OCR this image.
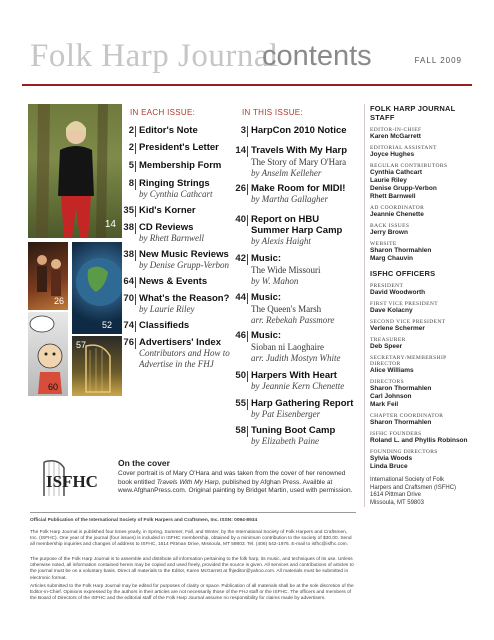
Folk Harp Journal
contents	FALL 2009
14
26
52
60
57
IN EACH ISSUE:	IN THIS ISSUE:
2 Editor's Note
2 President's Letter
5 Membership Form
8 Ringing Strings
by Cynthia Cathcart
35 Kid's Korner
38 CD Reviews
by Rhett Barnwell
38 New Music Reviews
by Denise Grupp-Verbon
64 News & Events
70 What's the Reason?
by Laurie Riley
74 Classifieds
76 Advertisers' Index
Contributors and How to
Advertise in the FHJ
3 HarpCon 2010 Notice
14 Travels With My Harp
The Story of Mary O'Hara
by Anselm Kelleher
26 Make Room for MIDI!
by Martha Gallagher
40 Report on HBU
Summer Harp Camp
by Alexis Haight
42 Music:
The Wide Missouri
by W. Mahon
44 Music:
The Queen's Marsh
arr. Rebekah Passmore
46 Music:
Sioban ni Laoghaire
arr. Judith Mostyn White
50 Harpers With Heart
by Jeannie Kern Chenette
55 Harp Gathering Report
by Pat Eisenberger
58 Tuning Boot Camp
by Elizabeth Paine
FOLK HARP JOURNAL STAFF
EDITOR-IN-CHIEF
Karen McGarrett
EDITORIAL ASSISTANT
Joyce Hughes
REGULAR CONTRIBUTORS
Cynthia Cathcart
Laurie Riley
Denise Grupp-Verbon
Rhett Barnwell
AD COORDINATOR
Jeannie Chenette
BACK ISSUES
Jerry Brown
WEBSITE
Sharon Thormahlen
Marg Chauvin
ISFHC OFFICERS
PRESIDENT
David Woodworth
FIRST VICE PRESIDENT
Dave Kolacny
SECOND VICE PRESIDENT
Verlene Schermer
TREASURER
Deb Speer
SECRETARY/MEMBERSHIP DIRECTOR
Alice Williams
DIRECTORS
Sharon Thormahlen
Carl Johnson
Mark Feil
CHAPTER COORDINATOR
Sharon Thormahlen
ISFHC FOUNDERS
Roland L. and Phyllis Robinson
FOUNDING DIRECTORS
Sylvia Woods
Linda Bruce
International Society of Folk
Harpers and Craftsmen (ISFHC)
1614 Pittman Drive
Missoula, MT 59803
ISFHC
On the cover
Cover portrait is of Mary O'Hara and was taken from the cover of her renowned book entitled Travels With My Harp, published by Afghan Press. Availble at www.AfghanPress.com. Original painting by Bridget Martin, used with permission.
Official Publication of the International Society of Folk Harpers and Craftsmen, Inc. ISSN: 0094-8934
The Folk Harp Journal is published four times yearly, in Spring, Summer, Fall, and Winter, by the International Society of Folk Harpers and Craftsmen, Inc. (ISFHC). One year of the journal (four issues) is included in ISFHC membership, obtained by a minimum contribution to the society of $30.00. Send all membership inquiries and changes of address to ISFHC, 1614 Pittman Drive, Missoula, MT 59803. Tel. (406) 542-1976. E-mail to isfhc@isfhc.com.
The purpose of the Folk Harp Journal is to assemble and distribute all information pertaining to the folk harp, its music, and techniques of its use. Unless otherwise noted, all information contained herein may be copied and used freely, provided the source is given. All services and contributions of articles to the journal must be on a voluntary basis. Direct all materials to the Editor, Karen McGarrett at fhjeditor@yahoo.com. All materials must be submitted in electronic format.
Articles submitted to the Folk Harp Journal may be edited for purposes of clarity or space. Publication of all materials shall be at the sole discretion of the Editor-in-Chief. Opinions expressed by the authors in their articles are not necessarily those of the FHJ staff or the ISFHC. The officers and members of the Board of Directors of the ISFHC and the editorial staff of the Folk Harp Journal assume no responsibility for claims made by advertisers.
